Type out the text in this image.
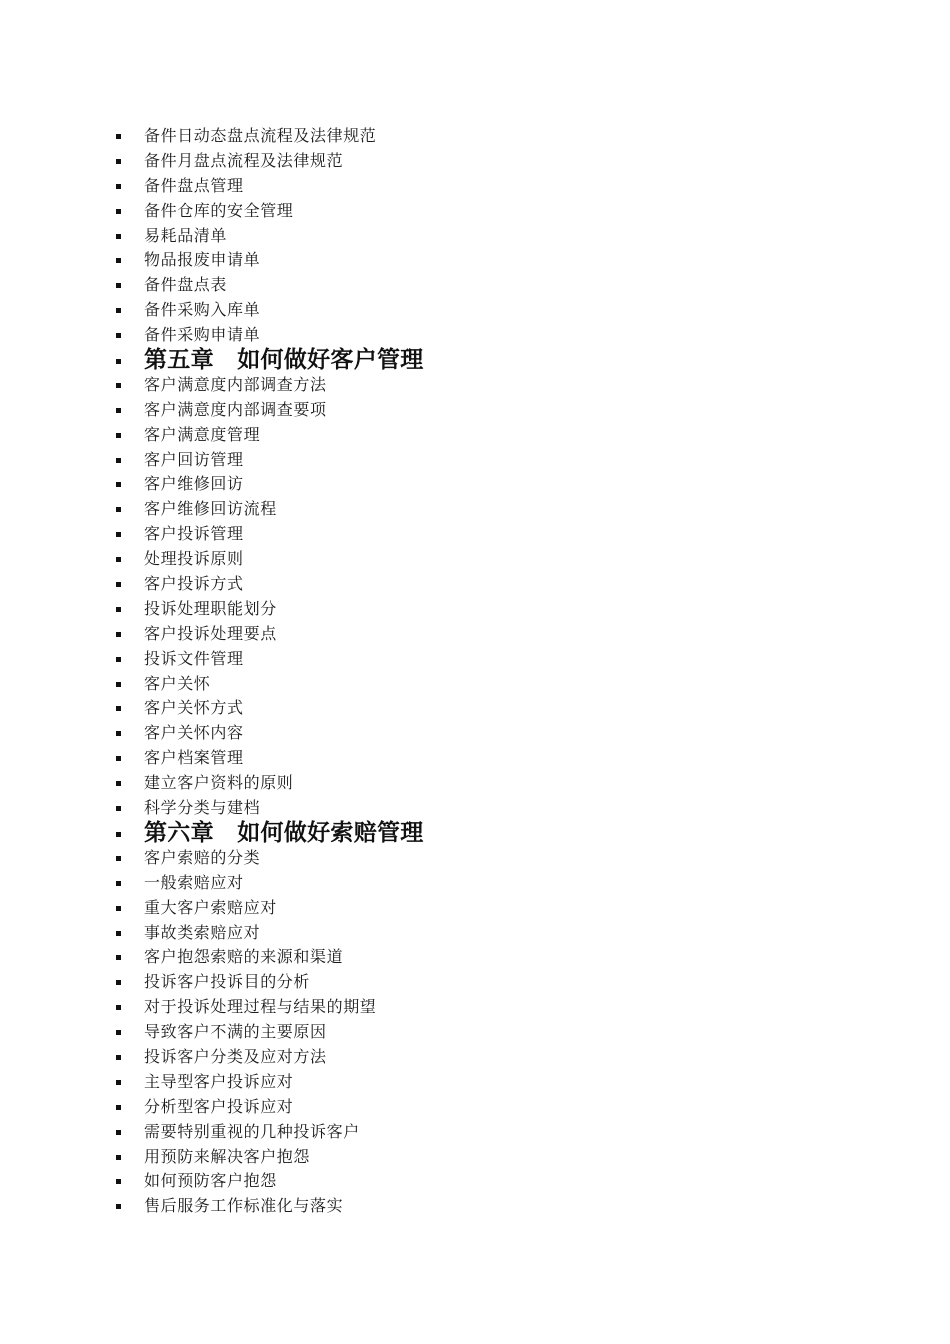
备件日动态盘点流程及法律规范
备件月盘点流程及法律规范
备件盘点管理
备件仓库的安全管理
易耗品清单
物品报废申请单
备件盘点表
备件采购入库单
备件采购申请单
第五章　如何做好客户管理
客户满意度内部调查方法
客户满意度内部调查要项
客户满意度管理
客户回访管理
客户维修回访
客户维修回访流程
客户投诉管理
处理投诉原则
客户投诉方式
投诉处理职能划分
客户投诉处理要点
投诉文件管理
客户关怀
客户关怀方式
客户关怀内容
客户档案管理
建立客户资料的原则
科学分类与建档
第六章　如何做好索赔管理
客户索赔的分类
一般索赔应对
重大客户索赔应对
事故类索赔应对
客户抱怨索赔的来源和渠道
投诉客户投诉目的分析
对于投诉处理过程与结果的期望
导致客户不满的主要原因
投诉客户分类及应对方法
主导型客户投诉应对
分析型客户投诉应对
需要特别重视的几种投诉客户
用预防来解决客户抱怨
如何预防客户抱怨
售后服务工作标准化与落实
